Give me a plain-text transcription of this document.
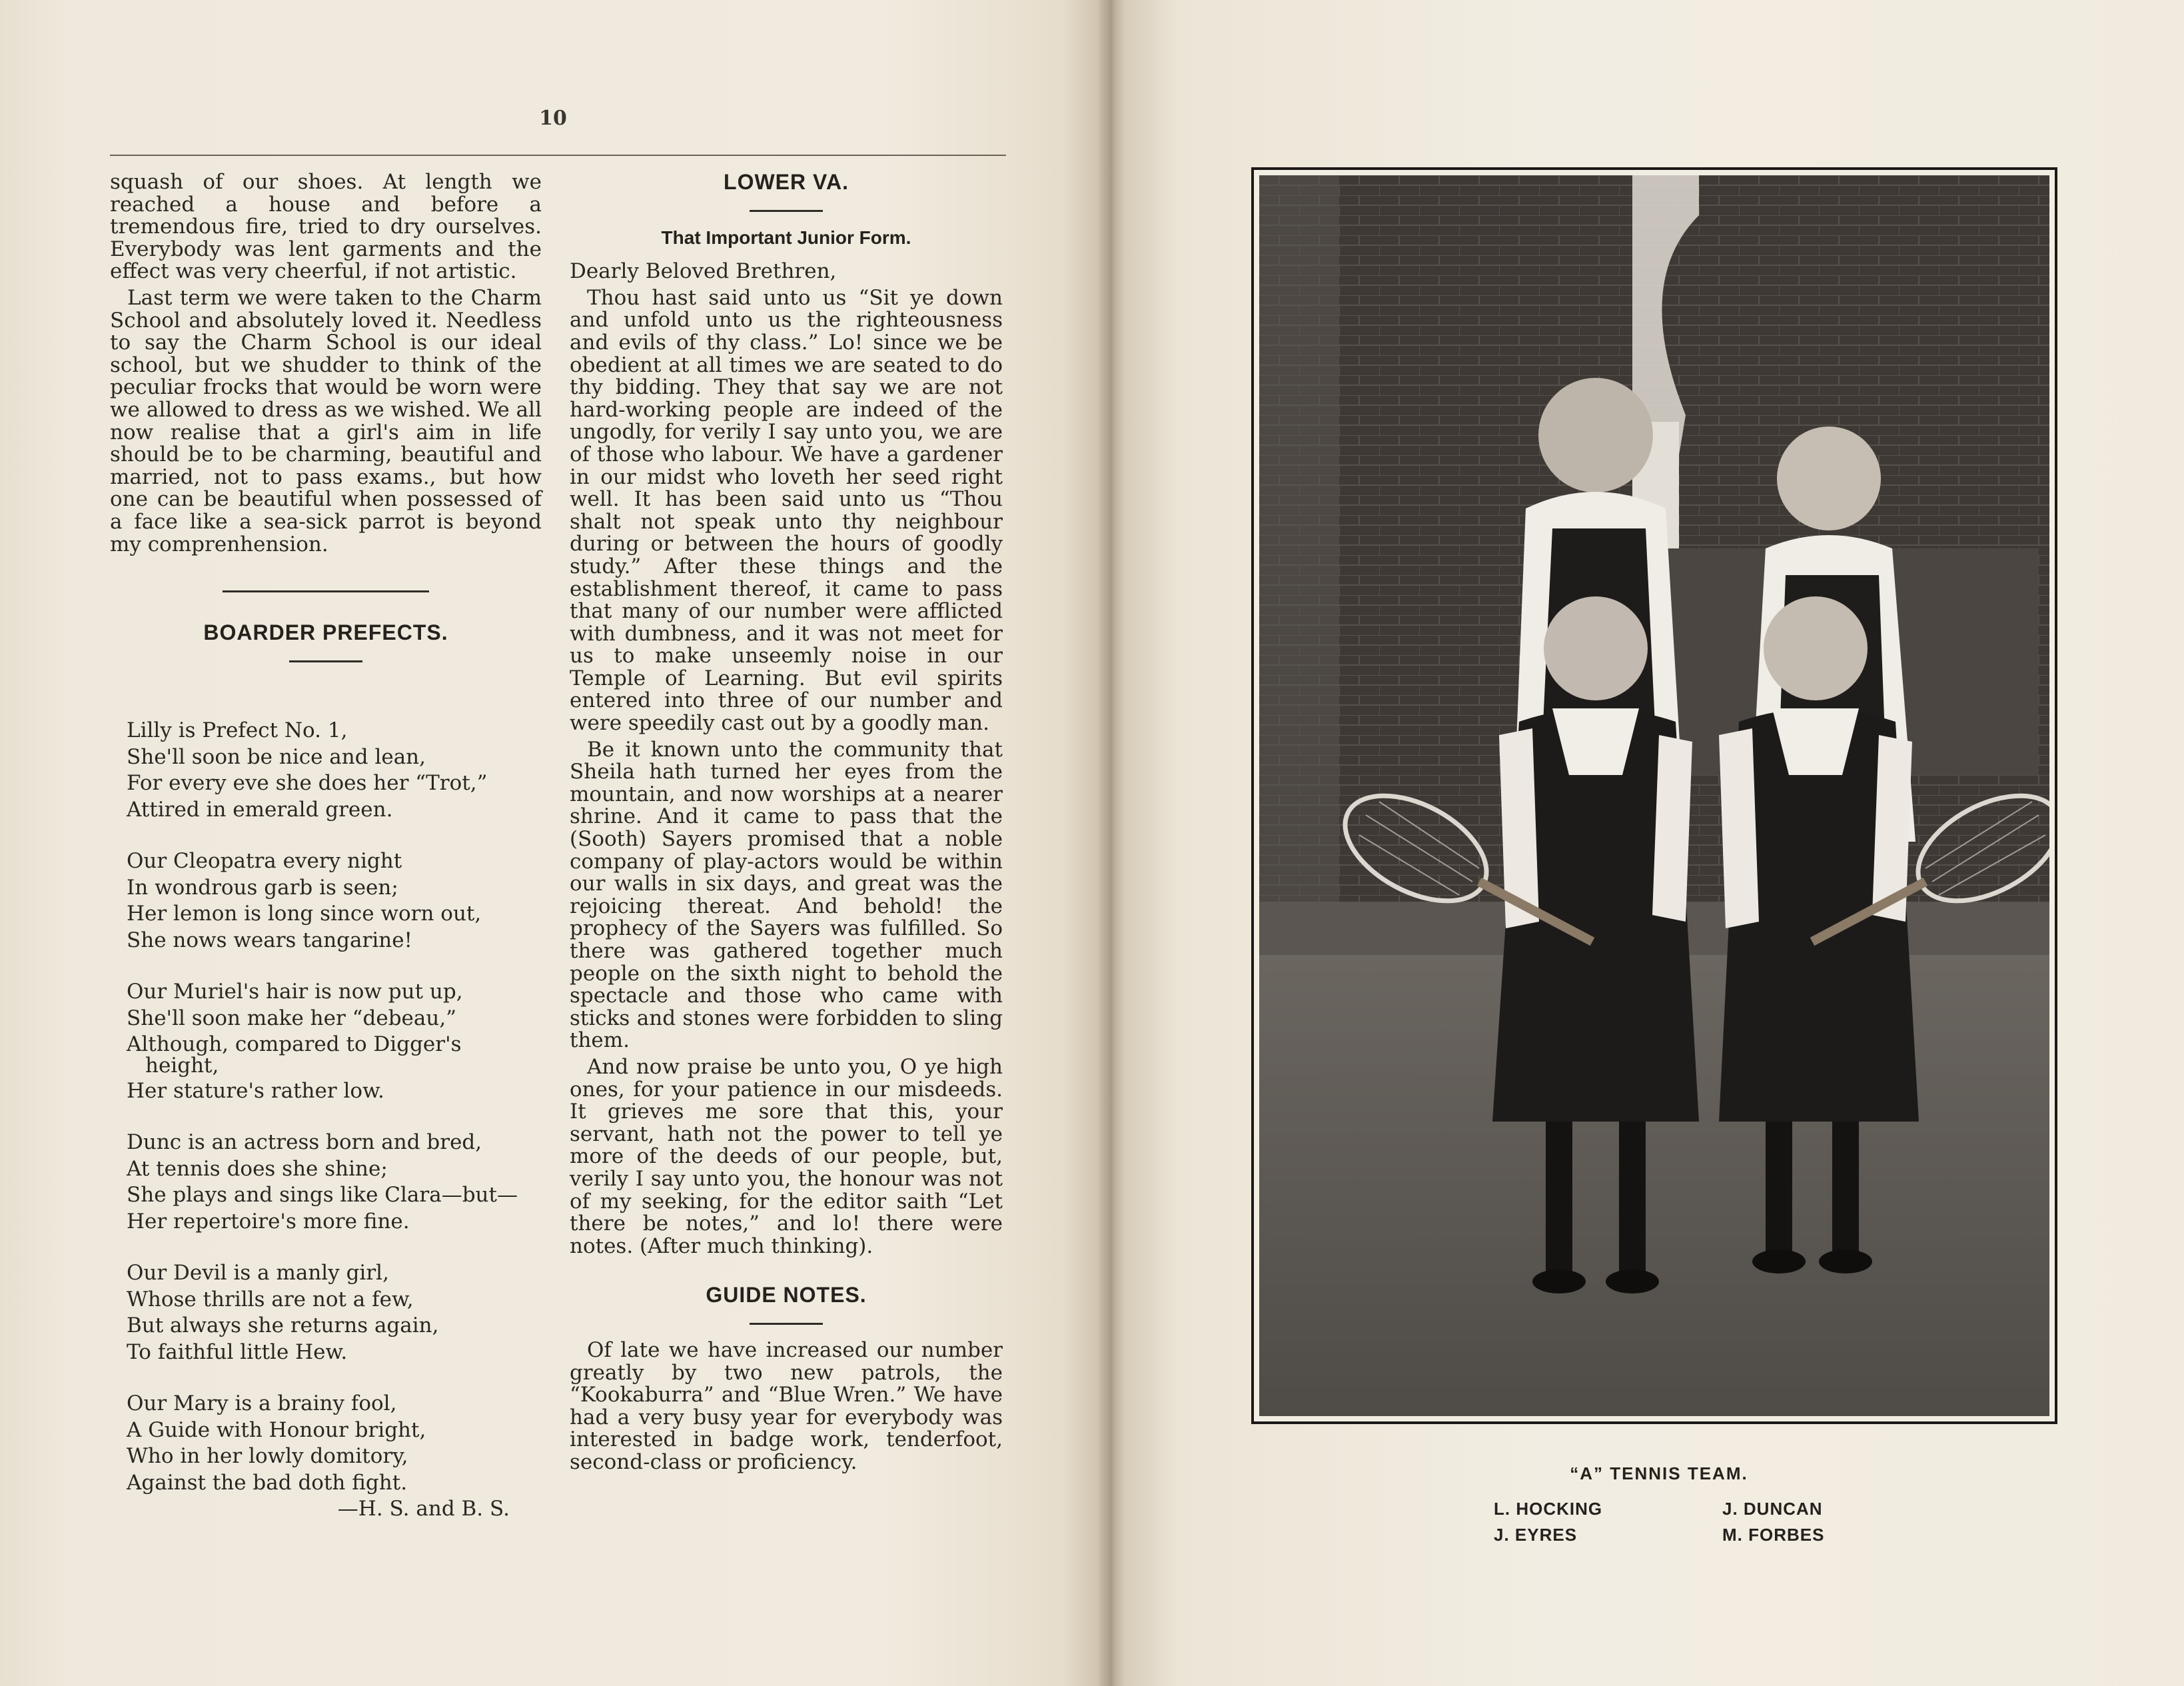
10

squash of our shoes. At length we reached a house and before a tremendous fire, tried to dry ourselves. Everybody was lent garments and the effect was very cheerful, if not artistic.

Last term we were taken to the Charm School and absolutely loved it. Needless to say the Charm School is our ideal school, but we shudder to think of the peculiar frocks that would be worn were we allowed to dress as we wished. We all now realise that a girl's aim in life should be to be charming, beautiful and married, not to pass exams., but how one can be beautiful when possessed of a face like a sea-sick parrot is beyond my comprenhension.

BOARDER PREFECTS.
Lilly is Prefect No. 1,
She'll soon be nice and lean,
For every eve she does her “Trot,”
Attired in emerald green.
Our Cleopatra every night
In wondrous garb is seen;
Her lemon is long since worn out,
She nows wears tangarine!
Our Muriel's hair is now put up,
She'll soon make her “debeau,”
Although, compared to Digger's
height,
Her stature's rather low.
Dunc is an actress born and bred,
At tennis does she shine;
She plays and sings like Clara—but—
Her repertoire's more fine.
Our Devil is a manly girl,
Whose thrills are not a few,
But always she returns again,
To faithful little Hew.
Our Mary is a brainy fool,
A Guide with Honour bright,
Who in her lowly domitory,
Against the bad doth fight.
—H. S. and B. S.
LOWER VA.
That Important Junior Form.

Dearly Beloved Brethren,

Thou hast said unto us “Sit ye down and unfold unto us the righteousness and evils of thy class.” Lo! since we be obedient at all times we are seated to do thy bidding. They that say we are not hard-working people are indeed of the ungodly, for verily I say unto you, we are of those who labour. We have a gardener in our midst who loveth her seed right well. It has been said unto us “Thou shalt not speak unto thy neighbour during or between the hours of goodly study.” After these things and the establishment thereof, it came to pass that many of our number were afflicted with dumbness, and it was not meet for us to make unseemly noise in our Temple of Learning. But evil spirits entered into three of our number and were speedily cast out by a goodly man.

Be it known unto the community that Sheila hath turned her eyes from the mountain, and now worships at a nearer shrine. And it came to pass that the (Sooth) Sayers promised that a noble company of play-actors would be within our walls in six days, and great was the rejoicing thereat. And behold! the prophecy of the Sayers was fulfilled. So there was gathered together much people on the sixth night to behold the spectacle and those who came with sticks and stones were forbidden to sling them.

And now praise be unto you, O ye high ones, for your patience in our misdeeds. It grieves me sore that this, your servant, hath not the power to tell ye more of the deeds of our people, but, verily I say unto you, the honour was not of my seeking, for the editor saith “Let there be notes,” and lo! there were notes. (After much thinking).

GUIDE NOTES.

Of late we have increased our number greatly by two new patrols, the “Kookaburra” and “Blue Wren.” We have had a very busy year for everybody was interested in badge work, tenderfoot, second-class or proficiency.	“A” TENNIS TEAM.
L. HOCKING	J. DUNCAN
J. EYRES	M. FORBES
